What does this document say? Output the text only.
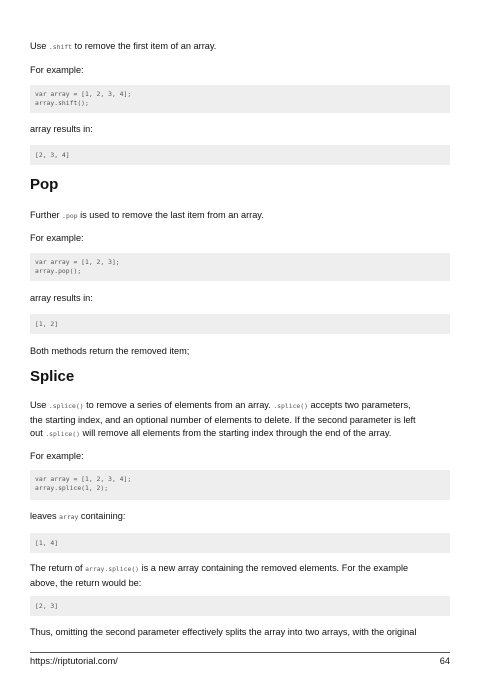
Use .shift to remove the first item of an array.

For example:

var array = [1, 2, 3, 4];
array.shift();

array results in:

[2, 3, 4]
Pop

Further .pop is used to remove the last item from an array.

For example:

var array = [1, 2, 3];
array.pop();

array results in:

[1, 2]

Both methods return the removed item;

Splice

Use .splice() to remove a series of elements from an array. .splice() accepts two parameters,
the starting index, and an optional number of elements to delete. If the second parameter is left
out .splice() will remove all elements from the starting index through the end of the array.

For example:

var array = [1, 2, 3, 4];
array.splice(1, 2);

leaves array containing:

[1, 4]

The return of array.splice() is a new array containing the removed elements. For the example
above, the return would be:

[2, 3]

Thus, omitting the second parameter effectively splits the array into two arrays, with the original

https://riptutorial.com/	64
